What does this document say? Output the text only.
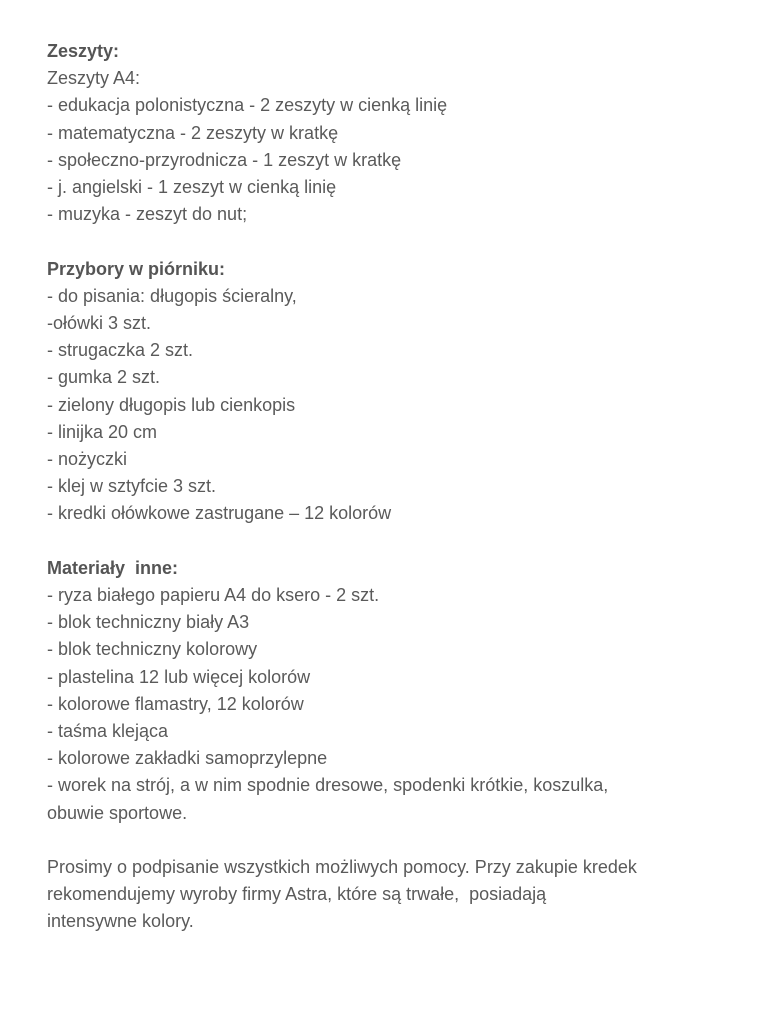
Zeszyty:
Zeszyty A4:
- edukacja polonistyczna - 2 zeszyty w cienką linię
- matematyczna - 2 zeszyty w kratkę
- społeczno-przyrodnicza - 1 zeszyt w kratkę
- j. angielski - 1 zeszyt w cienką linię
- muzyka - zeszyt do nut;
Przybory w piórniku:
- do pisania: długopis ścieralny,
-ołówki 3 szt.
- strugaczka 2 szt.
- gumka 2 szt.
- zielony długopis lub cienkopis
- linijka 20 cm
- nożyczki
- klej w sztyfcie 3 szt.
- kredki ołówkowe zastrugane – 12 kolorów
Materiały  inne:
- ryza białego papieru A4 do ksero - 2 szt.
- blok techniczny biały A3
- blok techniczny kolorowy
- plastelina 12 lub więcej kolorów
- kolorowe flamastry, 12 kolorów
- taśma klejąca
- kolorowe zakładki samoprzylepne
- worek na strój, a w nim spodnie dresowe, spodenki krótkie, koszulka,
obuwie sportowe.
Prosimy o podpisanie wszystkich możliwych pomocy. Przy zakupie kredek
rekomendujemy wyroby firmy Astra, które są trwałe,  posiadają
intensywne kolory.
